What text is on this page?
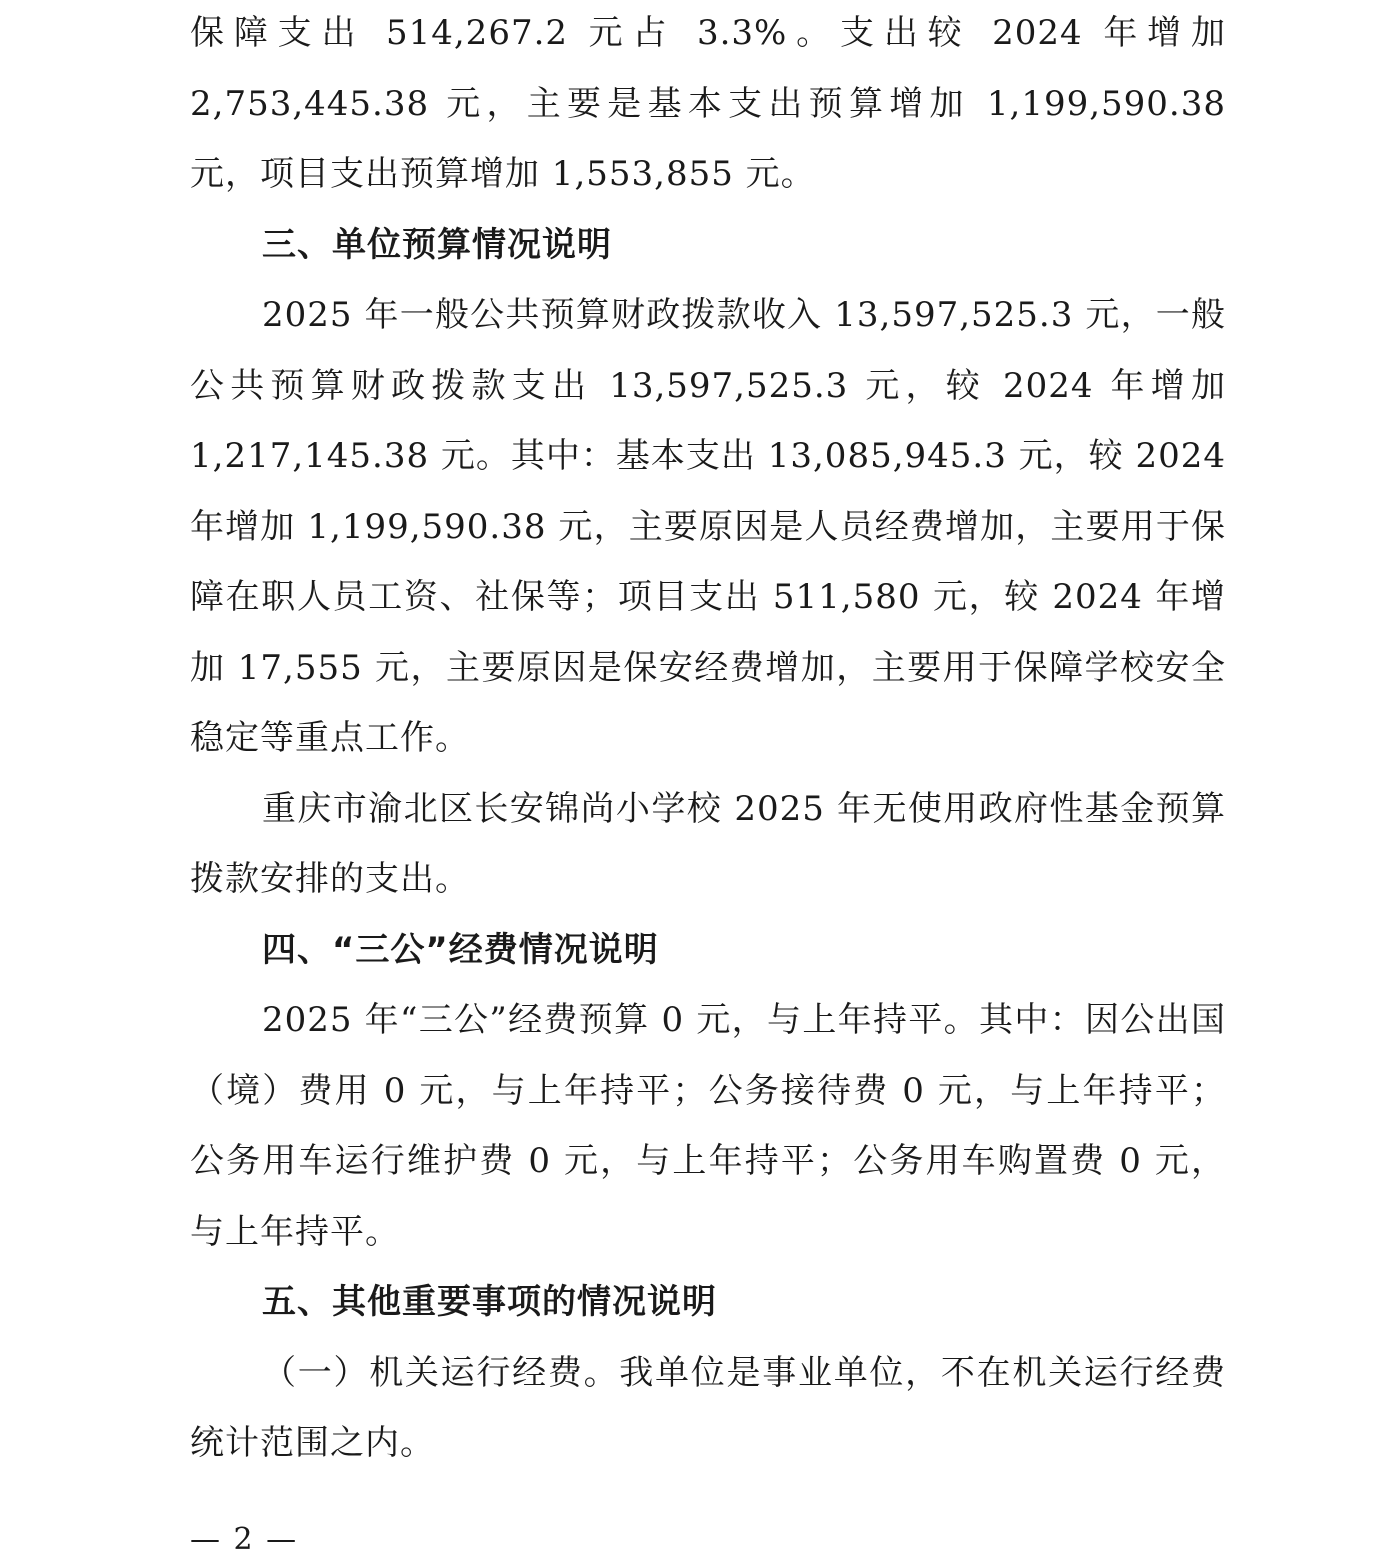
保障支出 514,267.2 元占 3.3%。支出较 2024 年增加 2,753,445.38 元，主要是基本支出预算增加 1,199,590.38 元，项目支出预算增加 1,553,855 元。

三、单位预算情况说明

2025 年一般公共预算财政拨款收入 13,597,525.3 元，一般公共预算财政拨款支出 13,597,525.3 元，较 2024 年增加 1,217,145.38 元。其中：基本支出 13,085,945.3 元，较 2024 年增加 1,199,590.38 元，主要原因是人员经费增加，主要用于保障在职人员工资、社保等；项目支出 511,580 元，较 2024 年增加 17,555 元，主要原因是保安经费增加，主要用于保障学校安全稳定等重点工作。

重庆市渝北区长安锦尚小学校 2025 年无使用政府性基金预算拨款安排的支出。

四、“三公”经费情况说明

2025 年“三公”经费预算 0 元，与上年持平。其中：因公出国（境）费用 0 元，与上年持平；公务接待费 0 元，与上年持平；公务用车运行维护费 0 元，与上年持平；公务用车购置费 0 元，与上年持平。

五、其他重要事项的情况说明

（一）机关运行经费。我单位是事业单位，不在机关运行经费统计范围之内。

— 2 —
